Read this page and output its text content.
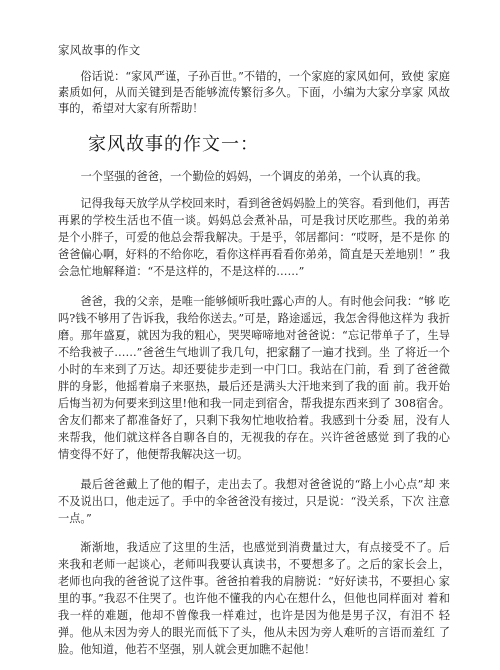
家风故事的作文
俗话说：“家风严谨，子孙百世。”不错的，一个家庭的家风如何，致使 家庭素质如何，从而关键到是否能够流传繁衍多久。下面，小编为大家分享家 风故事的，希望对大家有所帮助！
家风故事的作文一：

一个坚强的爸爸，一个勤俭的妈妈，一个调皮的弟弟，一个认真的我。

记得我每天放学从学校回来时，看到爸爸妈妈脸上的笑容。看到他们，再苦 再累的学校生活也不值一谈。妈妈总会煮补品，可是我讨厌吃那些。我的弟弟 是个小胖子，可爱的他总会帮我解决。于是乎，邻居都问：“哎呀，是不是你 的爸爸偏心啊，好料的不给你吃，看你这样再看看你弟弟，简直是天差地别！” 我会急忙地解释道：“不是这样的，不是这样的……”

爸爸，我的父亲，是唯一能够倾听我吐露心声的人。有时他会问我：“够 吃吗?钱不够用了告诉我，我给你送去。”可是，路途遥远，我怎舍得他这样为 我折磨。那年盛夏，就因为我的粗心，哭哭啼啼地对爸爸说：“忘记带单子了，生导不给我被子……”爸爸生气地训了我几句，把家翻了一遍才找到。坐 了将近一个小时的车来到了万达。却还要徒步走到一中门口。我站在门前，看 到了爸爸微胖的身影，他摇着扇子来驱热，最后还是满头大汗地来到了我的面 前。我开始后悔当初为何要来到这里!他和我一同走到宿舍，帮我提东西来到了 308宿舍。舍友们都来了都准备好了，只剩下我匆忙地收拾着。我感到十分委 屈，没有人来帮我，他们就这样各自聊各自的，无视我的存在。兴许爸爸感觉 到了我的心情变得不好了，他便帮我解决这一切。

最后爸爸戴上了他的帽子，走出去了。我想对爸爸说的“路上小心点”却 来不及说出口，他走远了。手中的伞爸爸没有接过，只是说：“没关系，下次 注意一点。”

渐渐地，我适应了这里的生活，也感觉到消费量过大，有点接受不了。后 来我和老师一起谈心，老师叫我要认真读书，不要想多了。之后的家长会上， 老师也向我的爸爸说了这件事。爸爸拍着我的肩膀说：“好好读书，不要担心 家里的事。”我忍不住哭了。也许他不懂我的内心在想什么，但他也同样面对 着和我一样的难题，他却不曾像我一样难过，也许是因为他是男子汉，有泪不 轻弹。他从未因为旁人的眼光而低下了头，他从未因为旁人难听的言语而羞红 了脸。他知道，他若不坚强，别人就会更加瞧不起他！
